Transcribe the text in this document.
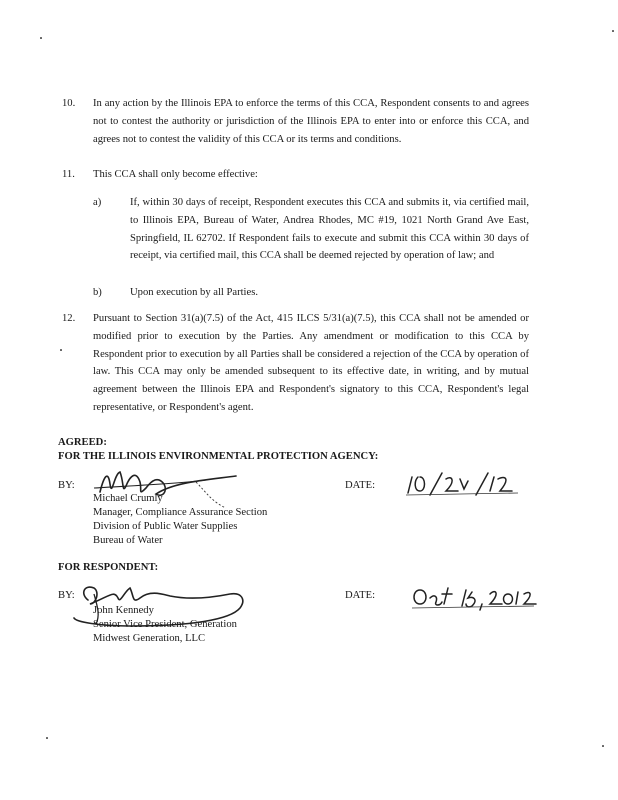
10. In any action by the Illinois EPA to enforce the terms of this CCA, Respondent consents to and agrees not to contest the authority or jurisdiction of the Illinois EPA to enter into or enforce this CCA, and agrees not to contest the validity of this CCA or its terms and conditions.
11. This CCA shall only become effective:
a)	If, within 30 days of receipt, Respondent executes this CCA and submits it, via certified mail, to Illinois EPA, Bureau of Water, Andrea Rhodes, MC #19, 1021 North Grand Ave East, Springfield, IL 62702. If Respondent fails to execute and submit this CCA within 30 days of receipt, via certified mail, this CCA shall be deemed rejected by operation of law; and
b)	Upon execution by all Parties.
12. Pursuant to Section 31(a)(7.5) of the Act, 415 ILCS 5/31(a)(7.5), this CCA shall not be amended or modified prior to execution by the Parties. Any amendment or modification to this CCA by Respondent prior to execution by all Parties shall be considered a rejection of the CCA by operation of law. This CCA may only be amended subsequent to its effective date, in writing, and by mutual agreement between the Illinois EPA and Respondent's signatory to this CCA, Respondent's legal representative, or Respondent's agent.
AGREED:
FOR THE ILLINOIS ENVIRONMENTAL PROTECTION AGENCY:
BY:	DATE:
Michael Crumly
Manager, Compliance Assurance Section
Division of Public Water Supplies
Bureau of Water
FOR RESPONDENT:
BY:	DATE:
John Kennedy
Senior Vice President, Generation
Midwest Generation, LLC
